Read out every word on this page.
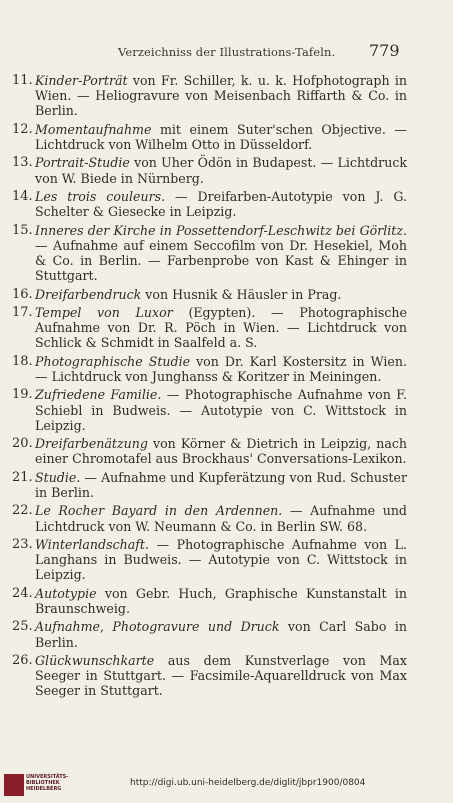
Verzeichniss der Illustrations-Tafeln. 779
11. Kinder-Porträt von Fr. Schiller, k. u. k. Hofphotograph in Wien. — Heliogravure von Meisenbach Riffarth & Co. in Berlin.
12. Momentaufnahme mit einem Suter'schen Objective. — Lichtdruck von Wilhelm Otto in Düsseldorf.
13. Portrait-Studie von Uher Ödön in Budapest. — Lichtdruck von W. Biede in Nürnberg.
14. Les trois couleurs. — Dreifarben-Autotypie von J. G. Schelter & Giesecke in Leipzig.
15. Inneres der Kirche in Possettendorf-Leschwitz bei Görlitz. — Aufnahme auf einem Seccofilm von Dr. Hesekiel, Moh & Co. in Berlin. — Farbenprobe von Kast & Ehinger in Stuttgart.
16. Dreifarbendruck von Husnik & Häusler in Prag.
17. Tempel von Luxor (Egypten). — Photographische Aufnahme von Dr. R. Pöch in Wien. — Lichtdruck von Schlick & Schmidt in Saalfeld a. S.
18. Photographische Studie von Dr. Karl Kostersitz in Wien. — Lichtdruck von Junghanss & Koritzer in Meiningen.
19. Zufriedene Familie. — Photographische Aufnahme von F. Schiebl in Budweis. — Autotypie von C. Wittstock in Leipzig.
20. Dreifarbenätzung von Körner & Dietrich in Leipzig, nach einer Chromotafel aus Brockhaus' Conversations-Lexikon.
21. Studie. — Aufnahme und Kupferätzung von Rud. Schuster in Berlin.
22. Le Rocher Bayard in den Ardennen. — Aufnahme und Lichtdruck von W. Neumann & Co. in Berlin SW. 68.
23. Winterlandschaft. — Photographische Aufnahme von L. Langhans in Budweis. — Autotypie von C. Wittstock in Leipzig.
24. Autotypie von Gebr. Huch, Graphische Kunstanstalt in Braunschweig.
25. Aufnahme, Photogravure und Druck von Carl Sabo in Berlin.
26. Glückwunschkarte aus dem Kunstverlage von Max Seeger in Stuttgart. — Facsimile-Aquarelldruck von Max Seeger in Stuttgart.
UNIVERSITÄTS-BIBLIOTHEK HEIDELBERG
http://digi.ub.uni-heidelberg.de/diglit/jbpr1900/0804
